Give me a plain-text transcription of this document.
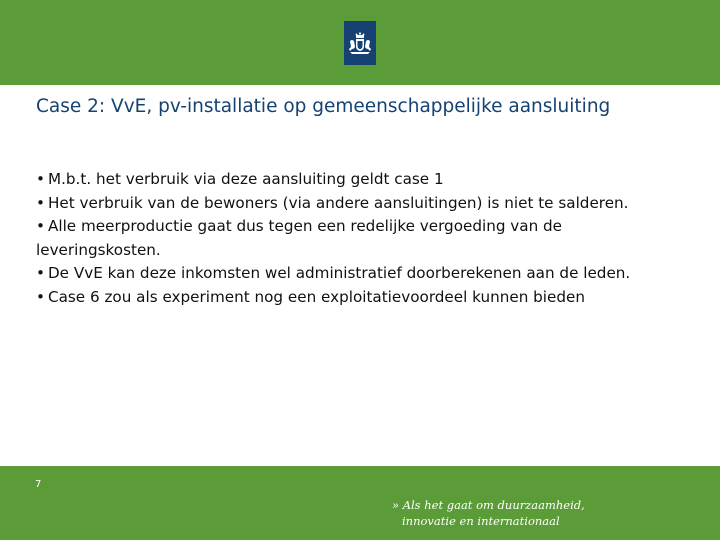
Case 2: VvE, pv-installatie op gemeenschappelijke aansluiting
• M.b.t. het verbruik via deze aansluiting geldt case 1
• Het verbruik van de bewoners (via andere aansluitingen) is niet te salderen.
• Alle meerproductie gaat dus tegen een redelijke vergoeding van de leveringskosten.
• De VvE kan deze inkomsten wel administratief doorberekenen aan de leden.
• Case 6 zou als experiment nog een exploitatievoordeel kunnen bieden
7
» Als het gaat om duurzaamheid,
innovatie en internationaal
